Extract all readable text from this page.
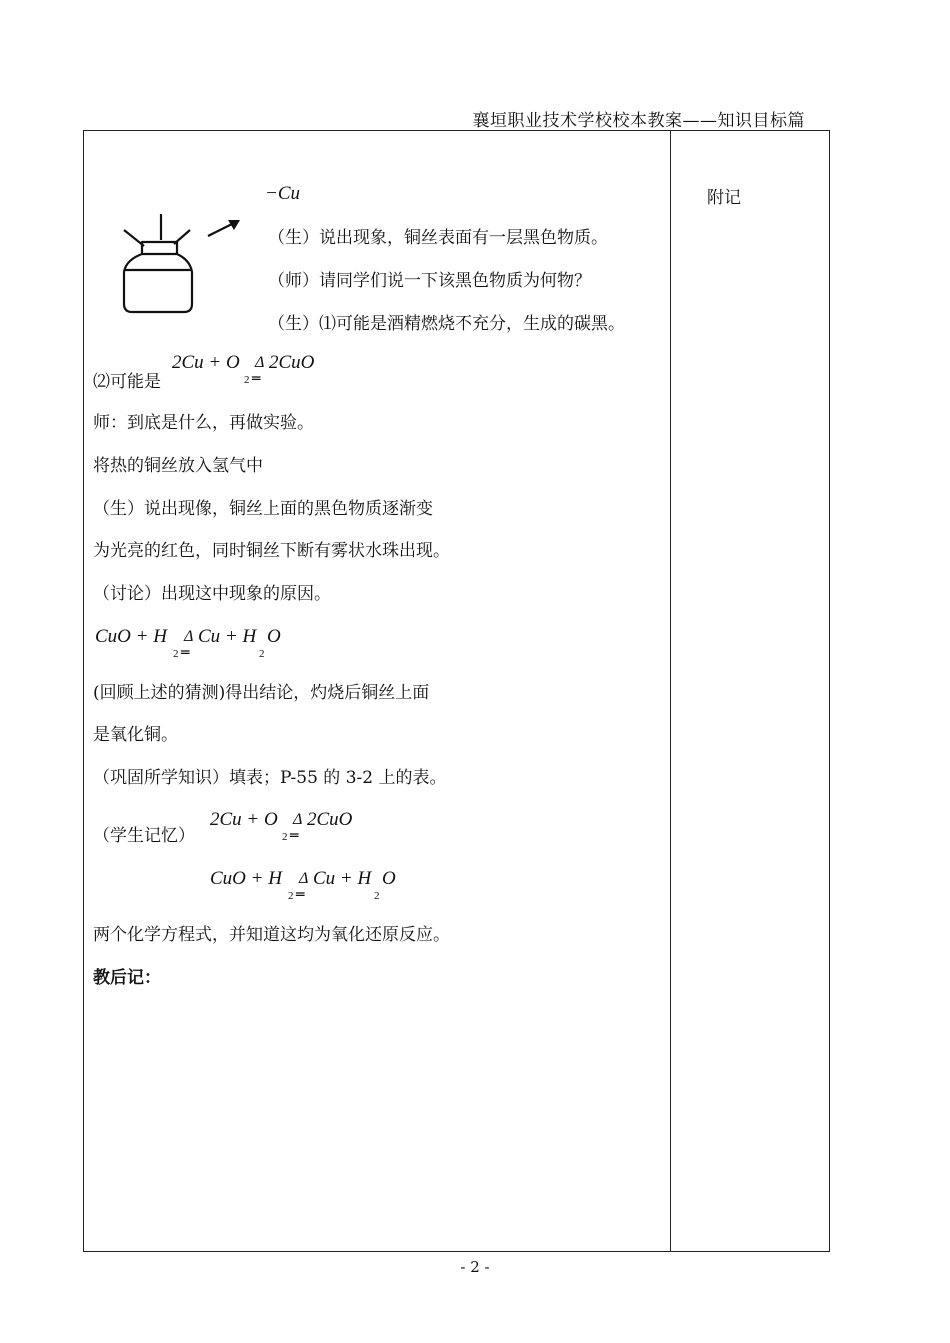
襄垣职业技术学校校本教案——知识目标篇
附记
−Cu
（生）说出现象，铜丝表面有一层黑色物质。
（师）请同学们说一下该黑色物质为何物？
（生）⑴可能是酒精燃烧不充分，生成的碳黑。
⑵可能是
2Cu + O
2
Δ
═
2CuO
师：到底是什么，再做实验。
将热的铜丝放入氢气中
（生）说出现像，铜丝上面的黑色物质逐渐变
为光亮的红色，同时铜丝下断有雾状水珠出现。
（讨论）出现这中现象的原因。
CuO + H
2
Δ
═
Cu + H
2
O
(回顾上述的猜测)得出结论，灼烧后铜丝上面
是氧化铜。
（巩固所学知识）填表；P-55 的 3-2 上的表。
（学生记忆）
2Cu + O
2
Δ
═
2CuO
CuO + H
2
Δ
═
Cu + H
2
O
两个化学方程式，并知道这均为氧化还原反应。
教后记：
- 2 -
